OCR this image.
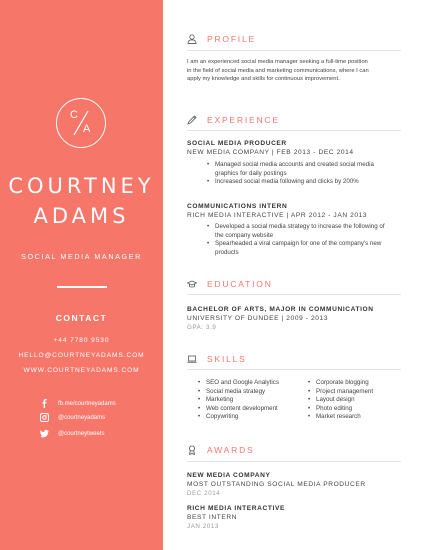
C
A
COURTNEY
ADAMS
SOCIAL MEDIA MANAGER
CONTACT
+44 7780 9530
HELLO@COURTNEYADAMS.COM
WWW.COURTNEYADAMS.COM
fb.me/courtneyadams
@courtneyadams
@courtneytweets
PROFILE
I am an experienced social media manager seeking a full-time position in the field of social media and marketing communications, where I can apply my knowledge and skills for continuous improvement.
EXPERIENCE
SOCIAL MEDIA PRODUCER
NEW MEDIA COMPANY | FEB 2013 - DEC 2014
• Managed social media accounts and created social media graphics for daily postings
• Increased social media following and clicks by 200%
COMMUNICATIONS INTERN
RICH MEDIA INTERACTIVE | APR 2012 - JAN 2013
• Developed a social media strategy to increase the following of the company website
• Spearheaded a viral campaign for one of the company's new products
EDUCATION
BACHELOR OF ARTS, MAJOR IN COMMUNICATION
UNIVERSITY OF DUNDEE | 2009 - 2013
GPA: 3.9
SKILLS
• SEO and Google Analytics
• Social media strategy
• Marketing
• Web content development
• Copywriting
• Corporate blogging
• Project management
• Layout design
• Photo editing
• Market research
AWARDS
NEW MEDIA COMPANY
MOST OUTSTANDING SOCIAL MEDIA PRODUCER
DEC 2014
RICH MEDIA INTERACTIVE
BEST INTERN
JAN 2013
